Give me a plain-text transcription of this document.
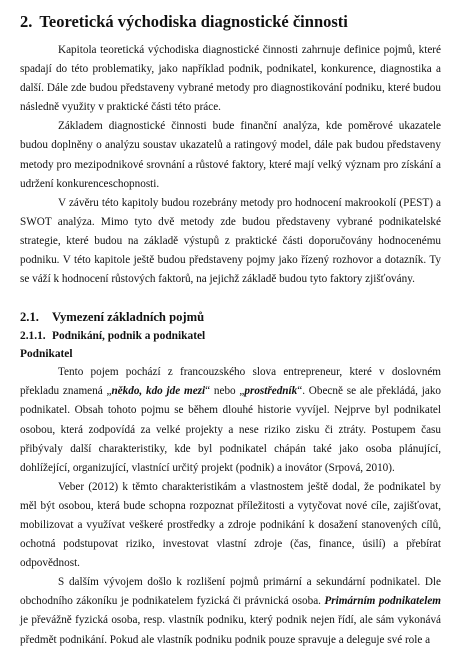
2. Teoretická východiska diagnostické činnosti

Kapitola teoretická východiska diagnostické činnosti zahrnuje definice pojmů, které spadají do této problematiky, jako například podnik, podnikatel, konkurence, diagnostika a další. Dále zde budou představeny vybrané metody pro diagnostikování podniku, které budou následně využity v praktické části této práce.

Základem diagnostické činnosti bude finanční analýza, kde poměrové ukazatele budou doplněny o analýzu soustav ukazatelů a ratingový model, dále pak budou představeny metody pro mezipodnikové srovnání a růstové faktory, které mají velký význam pro získání a udržení konkurenceschopnosti.

V závěru této kapitoly budou rozebrány metody pro hodnocení makrookolí (PEST) a SWOT analýza. Mimo tyto dvě metody zde budou představeny vybrané podnikatelské strategie, které budou na základě výstupů z praktické části doporučovány hodnocenému podniku. V této kapitole ještě budou představeny pojmy jako řízený rozhovor a dotazník. Ty se váží k hodnocení růstových faktorů, na jejichž základě budou tyto faktory zjišťovány.

2.1. Vymezení základních pojmů
2.1.1. Podnikání, podnik a podnikatel
Podnikatel

Tento pojem pochází z francouzského slova entrepreneur, které v doslovném překladu znamená „někdo, kdo jde mezi“ nebo „prostředník“. Obecně se ale překládá, jako podnikatel. Obsah tohoto pojmu se během dlouhé historie vyvíjel. Nejprve byl podnikatel osobou, která zodpovídá za velké projekty a nese riziko zisku či ztráty. Postupem času přibývaly další charakteristiky, kde byl podnikatel chápán také jako osoba plánující, dohlížející, organizující, vlastnící určitý projekt (podnik) a inovátor (Srpová, 2010).

Veber (2012) k těmto charakteristikám a vlastnostem ještě dodal, že podnikatel by měl být osobou, která bude schopna rozpoznat příležitosti a vytyčovat nové cíle, zajišťovat, mobilizovat a využívat veškeré prostředky a zdroje podnikání k dosažení stanovených cílů, ochotná podstupovat riziko, investovat vlastní zdroje (čas, finance, úsilí) a přebírat odpovědnost.

S dalším vývojem došlo k rozlišení pojmů primární a sekundární podnikatel. Dle obchodního zákoníku je podnikatelem fyzická či právnická osoba. Primárním podnikatelem je převážně fyzická osoba, resp. vlastník podniku, který podnik nejen řídí, ale sám vykonává předmět podnikání. Pokud ale vlastník podniku podnik pouze spravuje a deleguje své role a
